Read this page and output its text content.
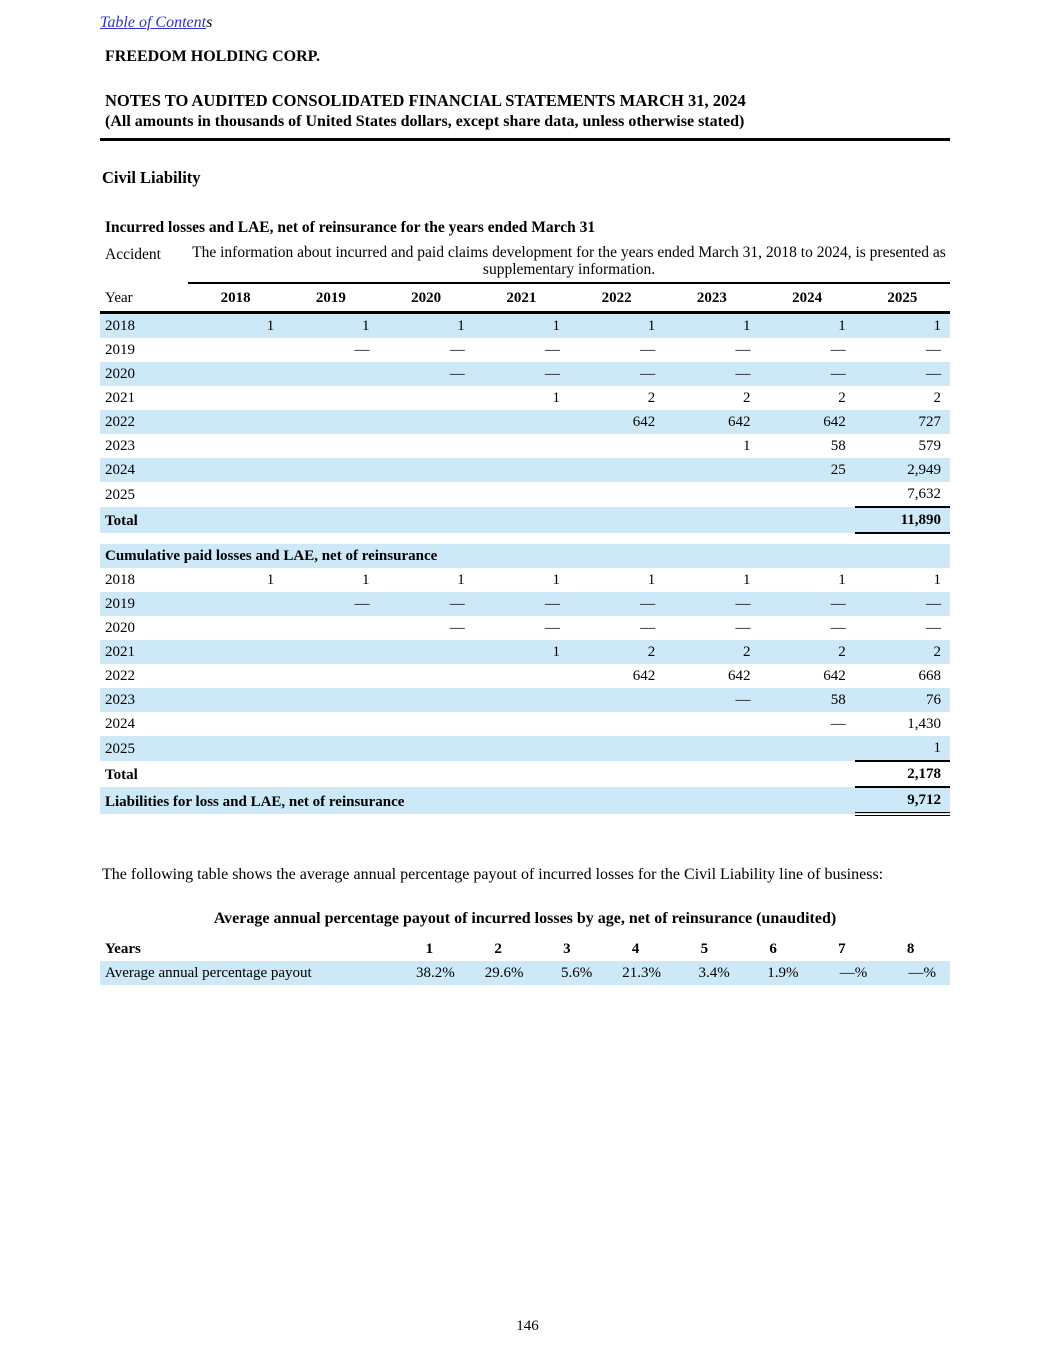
Table of Contents
FREEDOM HOLDING CORP.
NOTES TO AUDITED CONSOLIDATED FINANCIAL STATEMENTS MARCH 31, 2024
(All amounts in thousands of United States dollars, except share data, unless otherwise stated)
Civil Liability
Incurred losses and LAE, net of reinsurance for the years ended March 31
Accident	The information about incurred and paid claims development for the years ended March 31, 2018 to 2024, is presented as supplementary information.							
Year	2018	2019	2020	2021	2022	2023	2024	2025
2018	1	1	1	1	1	1	1	1
2019		—	—	—	—	—	—	—
2020			—	—	—	—	—	—
2021				1	2	2	2	2
2022					642	642	642	727
2023						1	58	579
2024							25	2,949
2025								7,632
Total								11,890

Cumulative paid losses and LAE, net of reinsurance								
2018	1	1	1	1	1	1	1	1
2019		—	—	—	—	—	—	—
2020			—	—	—	—	—	—
2021				1	2	2	2	2
2022					642	642	642	668
2023						—	58	76
2024							—	1,430
2025								1
Total								2,178
Liabilities for loss and LAE, net of reinsurance								9,712
The following table shows the average annual percentage payout of incurred losses for the Civil Liability line of business:
Average annual percentage payout of incurred losses by age, net of reinsurance (unaudited)
Years	1	2	3	4	5	6	7	8
Average annual percentage payout	38.2%	29.6%	5.6%	21.3%	3.4%	1.9%	—%	—%
146
